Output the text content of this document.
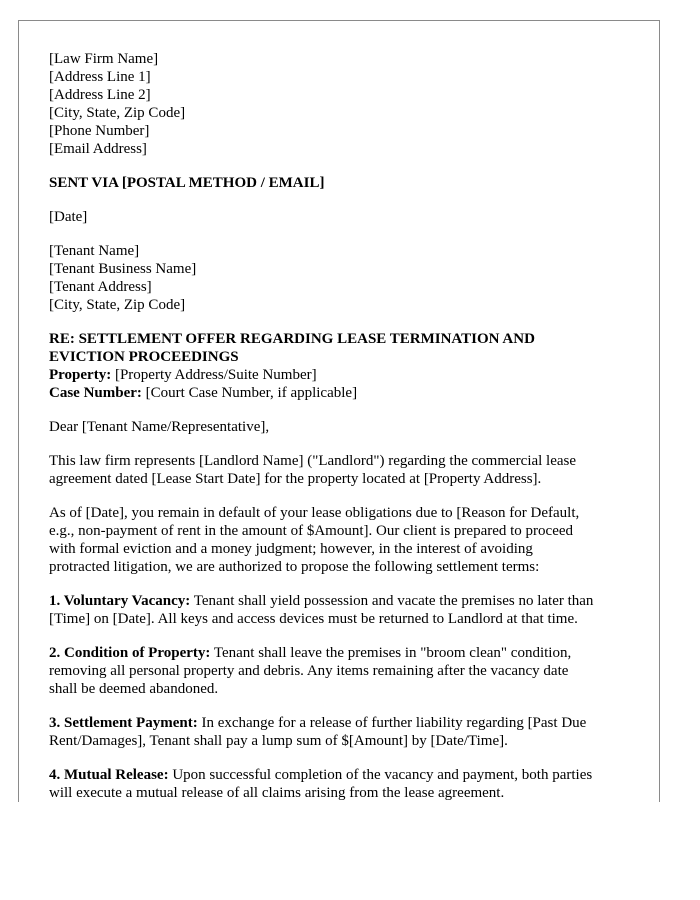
[Law Firm Name]
[Address Line 1]
[Address Line 2]
[City, State, Zip Code]
[Phone Number]
[Email Address]
SENT VIA [POSTAL METHOD / EMAIL]
[Date]
[Tenant Name]
[Tenant Business Name]
[Tenant Address]
[City, State, Zip Code]
RE: SETTLEMENT OFFER REGARDING LEASE TERMINATION AND
EVICTION PROCEEDINGS
Property: [Property Address/Suite Number]
Case Number: [Court Case Number, if applicable]
Dear [Tenant Name/Representative],
This law firm represents [Landlord Name] ("Landlord") regarding the commercial lease
agreement dated [Lease Start Date] for the property located at [Property Address].
As of [Date], you remain in default of your lease obligations due to [Reason for Default,
e.g., non-payment of rent in the amount of $Amount]. Our client is prepared to proceed
with formal eviction and a money judgment; however, in the interest of avoiding
protracted litigation, we are authorized to propose the following settlement terms:
1. Voluntary Vacancy: Tenant shall yield possession and vacate the premises no later than
[Time] on [Date]. All keys and access devices must be returned to Landlord at that time.
2. Condition of Property: Tenant shall leave the premises in "broom clean" condition,
removing all personal property and debris. Any items remaining after the vacancy date
shall be deemed abandoned.
3. Settlement Payment: In exchange for a release of further liability regarding [Past Due
Rent/Damages], Tenant shall pay a lump sum of $[Amount] by [Date/Time].
4. Mutual Release: Upon successful completion of the vacancy and payment, both parties
will execute a mutual release of all claims arising from the lease agreement.
